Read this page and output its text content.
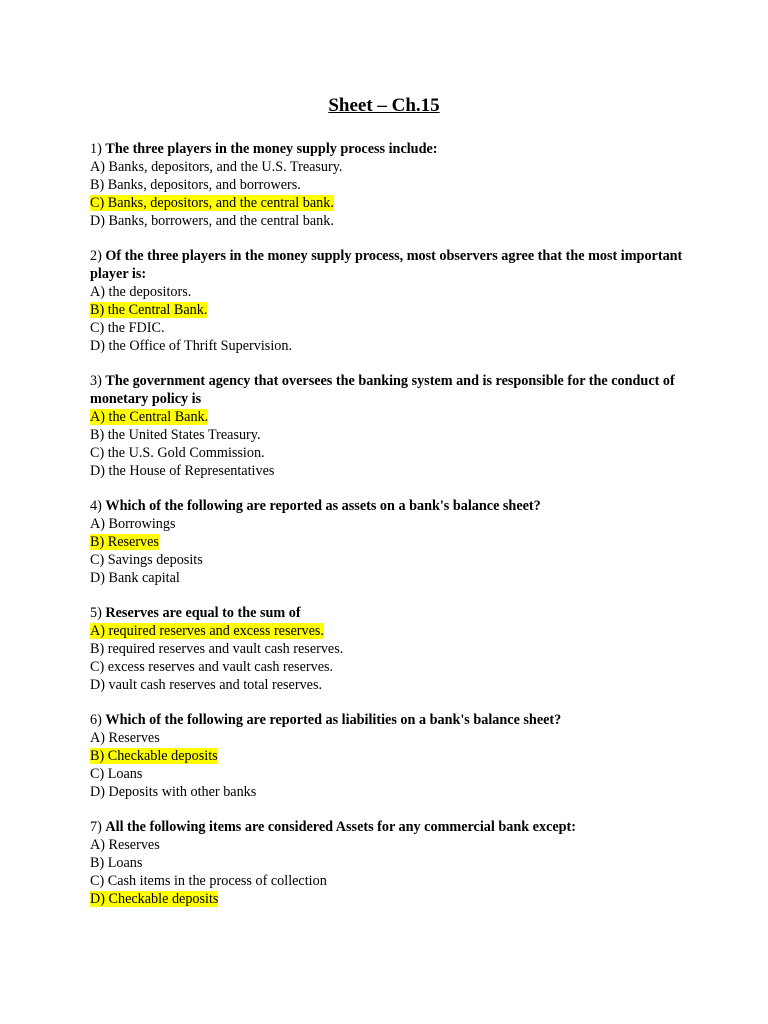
Sheet – Ch.15
1) The three players in the money supply process include:
A) Banks, depositors, and the U.S. Treasury.
B) Banks, depositors, and borrowers.
C) Banks, depositors, and the central bank.
D) Banks, borrowers, and the central bank.
2) Of the three players in the money supply process, most observers agree that the most important player is:
A) the depositors.
B) the Central Bank.
C) the FDIC.
D) the Office of Thrift Supervision.
3) The government agency that oversees the banking system and is responsible for the conduct of monetary policy is
A) the Central Bank.
B) the United States Treasury.
C) the U.S. Gold Commission.
D) the House of Representatives
4) Which of the following are reported as assets on a bank's balance sheet?
A) Borrowings
B) Reserves
C) Savings deposits
D) Bank capital
5) Reserves are equal to the sum of
A) required reserves and excess reserves.
B) required reserves and vault cash reserves.
C) excess reserves and vault cash reserves.
D) vault cash reserves and total reserves.
6) Which of the following are reported as liabilities on a bank's balance sheet?
A) Reserves
B) Checkable deposits
C) Loans
D) Deposits with other banks
7) All the following items are considered Assets for any commercial bank except:
A) Reserves
B) Loans
C) Cash items in the process of collection
D) Checkable deposits
